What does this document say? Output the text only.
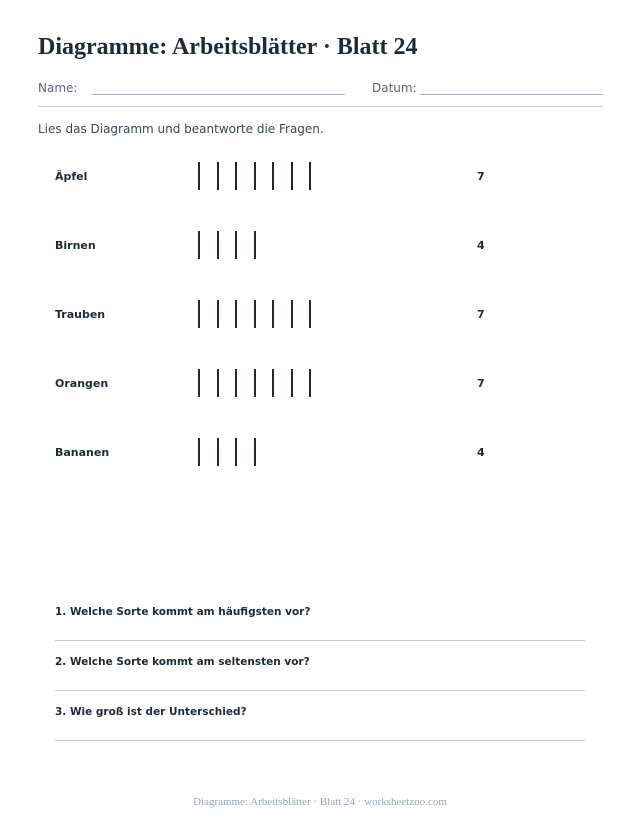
Diagramme: Arbeitsblätter · Blatt 24
Name:	Datum:
Lies das Diagramm und beantworte die Fragen.
Äpfel	7
Birnen	4
Trauben	7
Orangen	7
Bananen	4
1. Welche Sorte kommt am häufigsten vor?
2. Welche Sorte kommt am seltensten vor?
3. Wie groß ist der Unterschied?
Diagramme: Arbeitsblätter · Blatt 24 · worksheetzoo.com
